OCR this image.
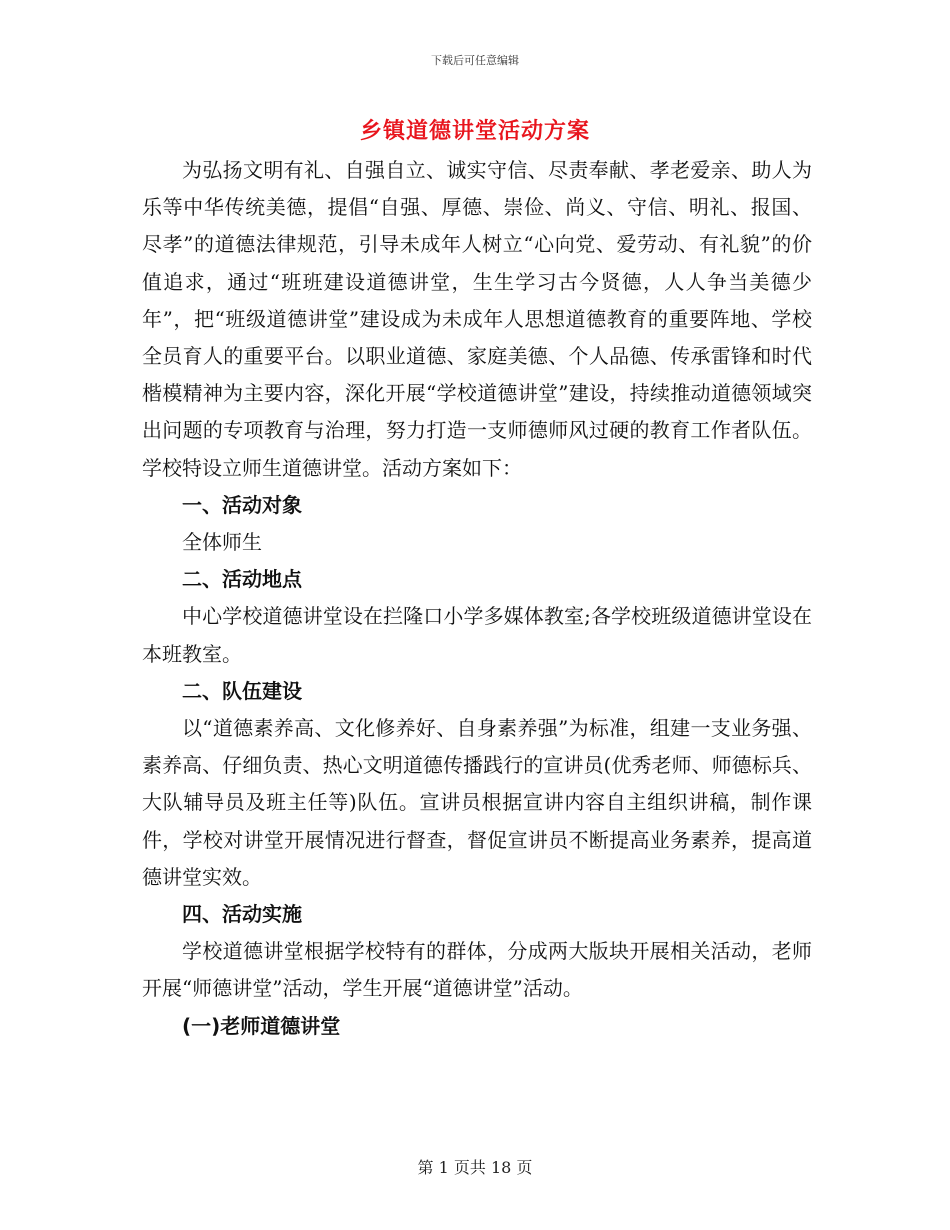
下载后可任意编辑
乡镇道德讲堂活动方案

为弘扬文明有礼、自强自立、诚实守信、尽责奉献、孝老爱亲、助人为乐等中华传统美德，提倡“自强、厚德、崇俭、尚义、守信、明礼、报国、尽孝”的道德法律规范，引导未成年人树立“心向党、爱劳动、有礼貌”的价值追求，通过“班班建设道德讲堂，生生学习古今贤德，人人争当美德少年”，把“班级道德讲堂”建设成为未成年人思想道德教育的重要阵地、学校全员育人的重要平台。以职业道德、家庭美德、个人品德、传承雷锋和时代楷模精神为主要内容，深化开展“学校道德讲堂”建设，持续推动道德领域突出问题的专项教育与治理，努力打造一支师德师风过硬的教育工作者队伍。学校特设立师生道德讲堂。活动方案如下：

一、活动对象

全体师生

二、活动地点

中心学校道德讲堂设在拦隆口小学多媒体教室;各学校班级道德讲堂设在本班教室。

二、队伍建设

以“道德素养高、文化修养好、自身素养强”为标准，组建一支业务强、素养高、仔细负责、热心文明道德传播践行的宣讲员(优秀老师、师德标兵、大队辅导员及班主任等)队伍。宣讲员根据宣讲内容自主组织讲稿，制作课件，学校对讲堂开展情况进行督查，督促宣讲员不断提高业务素养，提高道德讲堂实效。

四、活动实施

学校道德讲堂根据学校特有的群体，分成两大版块开展相关活动，老师开展“师德讲堂”活动，学生开展“道德讲堂”活动。

(一)老师道德讲堂

第 1 页共 18 页
